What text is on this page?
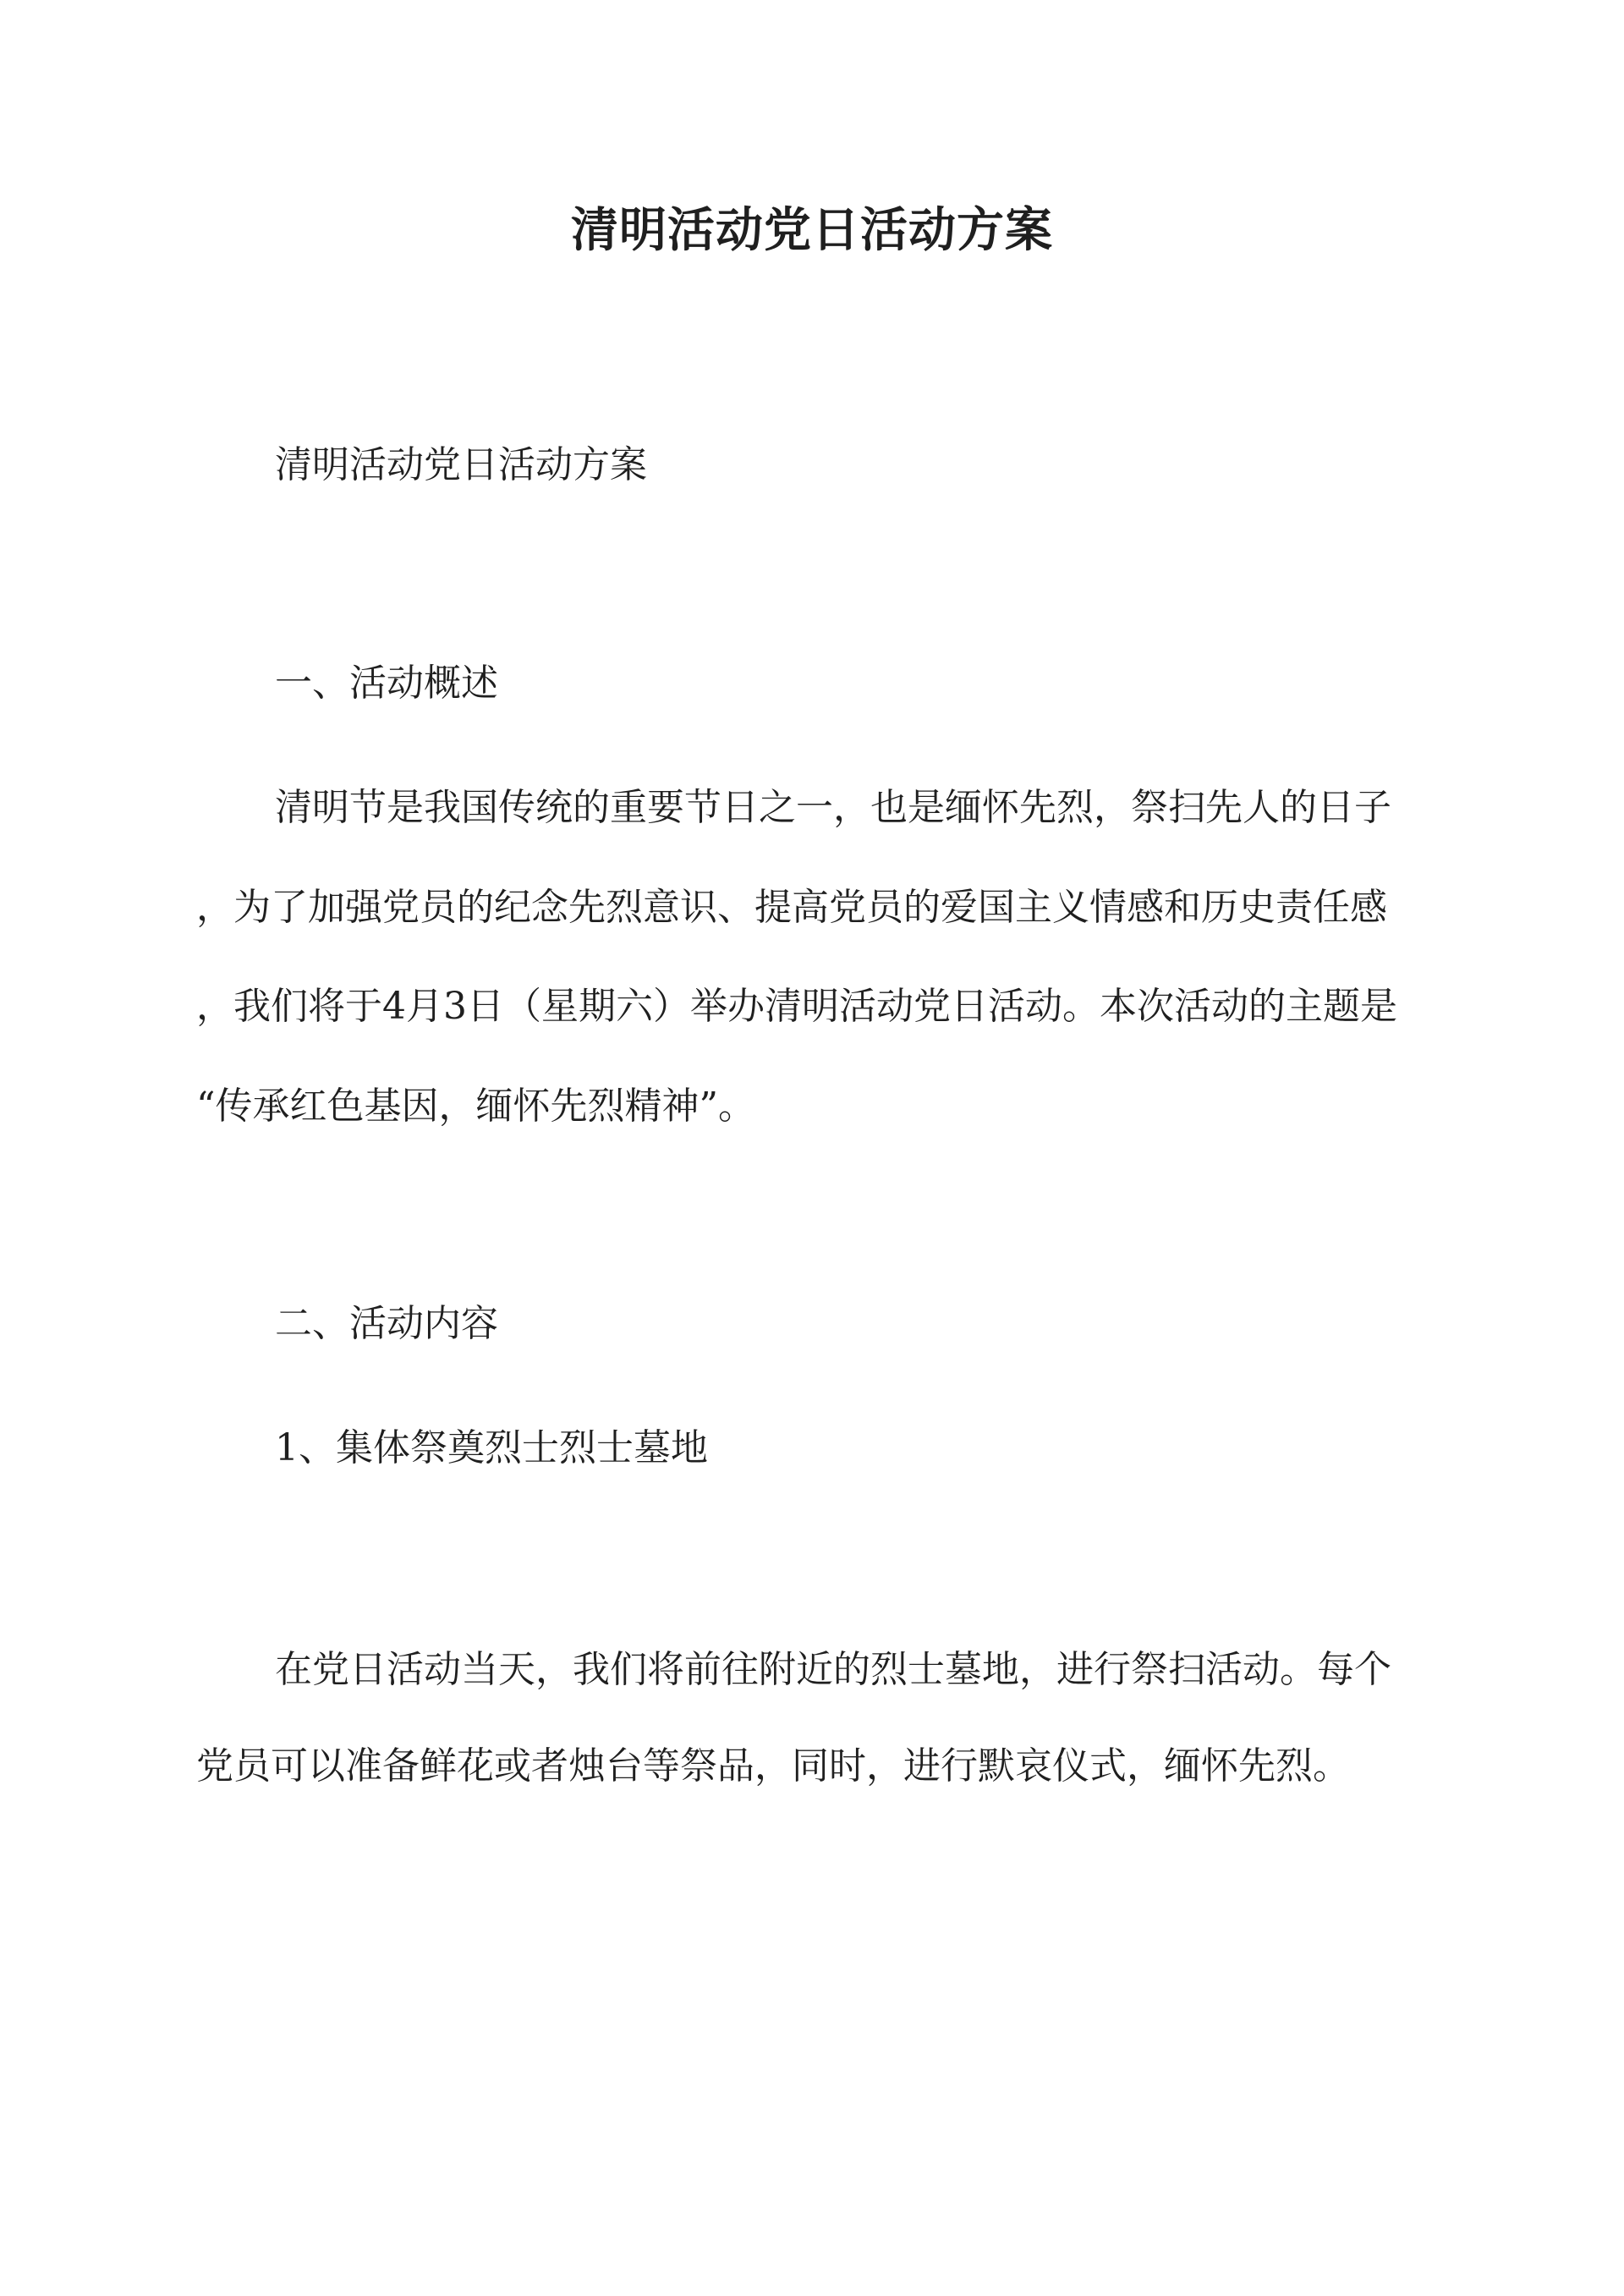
清明活动党日活动方案
清明活动党日活动方案
一、活动概述
清明节是我国传统的重要节日之一，也是缅怀先烈，祭扫先人的日子
，为了加强党员的纪念先烈意识、提高党员的爱国主义情感和历史责任感
，我们将于4月3日（星期六）举办清明活动党日活动。本次活动的主题是
“传承红色基因，缅怀先烈精神”。
二、活动内容
1、集体祭奠烈士烈士墓地
在党日活动当天，我们将前往附近的烈士墓地，进行祭扫活动。每个
党员可以准备鲜花或者烛台等祭品，同时，进行默哀仪式，缅怀先烈。
